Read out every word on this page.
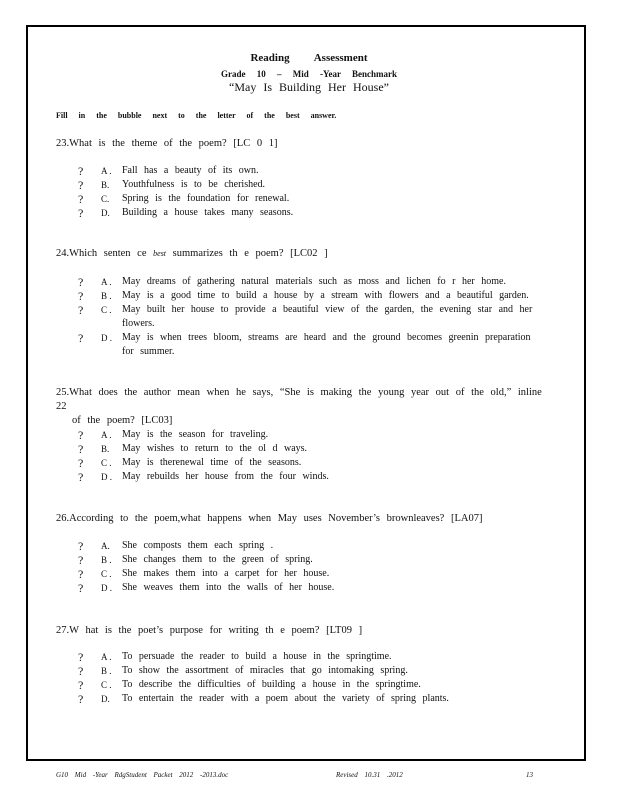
Reading Assessment
Grade 10 – Mid -Year Benchmark
“May Is Building Her House”
Fill in the bubble next to the letter of the best answer.
23.What is the theme of the poem? [LC 0 1]
?	A .	Fall has a beauty of its own.
?	B.	Youthfulness is to be cherished.
?	C.	Spring is the foundation for renewal.
?	D.	Building a house takes many seasons.
24.Which senten ce best summarizes th e poem? [LC02 ]
?	A .	May dreams of gathering natural materials such as moss and lichen fo r her home.
?	B .	May is a good time to build a house by a stream with flowers and a beautiful garden.
?	C .	May built her house to provide a beautiful view of the garden, the evening star and her flowers.
?	D .	May is when trees bloom, streams are heard and the ground becomes greenin preparation for summer.
25.What does the author mean when he says, “She is making the young year out of the old,” inline 22
of the poem? [LC03]
?	A .	May is the season for traveling.
?	B.	May wishes to return to the ol d ways.
?	C .	May is therenewal time of the seasons.
?	D .	May rebuilds her house from the four winds.
26.According to the poem,what happens when May uses November’s brownleaves? [LA07]
?	A.	She composts them each spring .
?	B .	She changes them to the green of spring.
?	C .	She makes them into a carpet for her house.
?	D .	She weaves them into the walls of her house.
27.W hat is the poet’s purpose for writing th e poem? [LT09 ]
?	A .	To persuade the reader to build a house in the springtime.
?	B .	To show the assortment of miracles that go intomaking spring.
?	C .	To describe the difficulties of building a house in the springtime.
?	D.	To entertain the reader with a poem about the variety of spring plants.
G10 Mid -Year RdgStudent Packet 2012 -2013.doc	Revised 10.31 .2012	13
